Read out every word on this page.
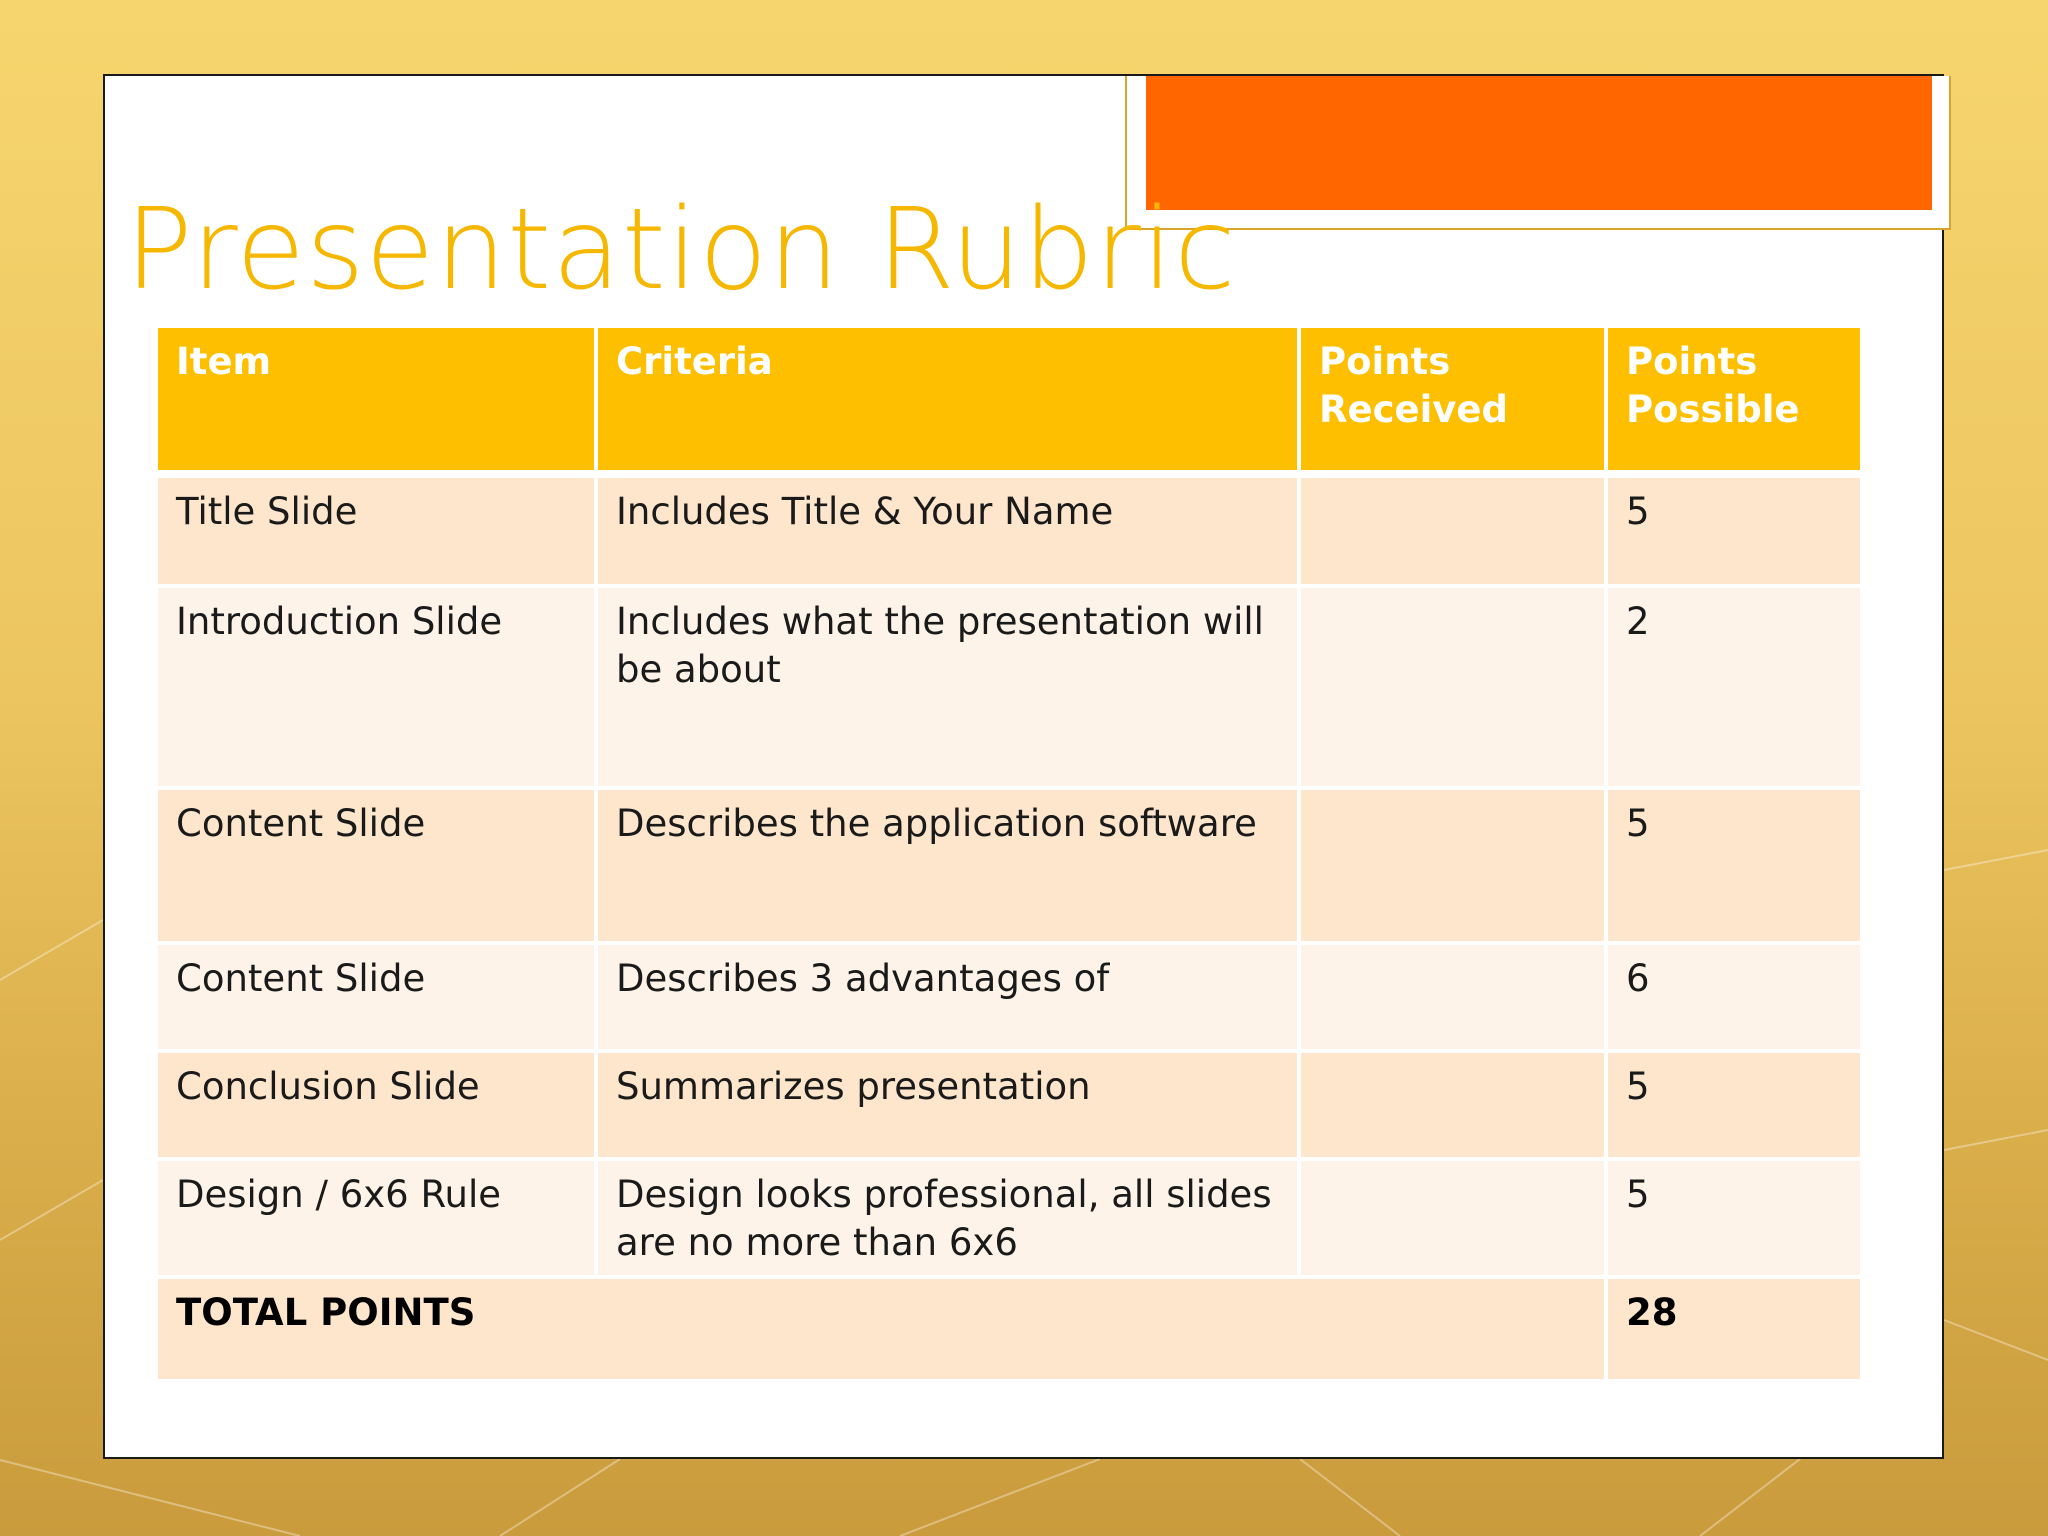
Presentation Rubric
Item	Criteria	Points Received	Points Possible
Title Slide	Includes Title & Your Name		5
Introduction Slide	Includes what the presentation will be about		2
Content Slide	Describes the application software		5
Content Slide	Describes 3 advantages of		6
Conclusion Slide	Summarizes presentation		5
Design / 6x6 Rule	Design looks professional, all slides are no more than 6x6		5
TOTAL POINTS			28
